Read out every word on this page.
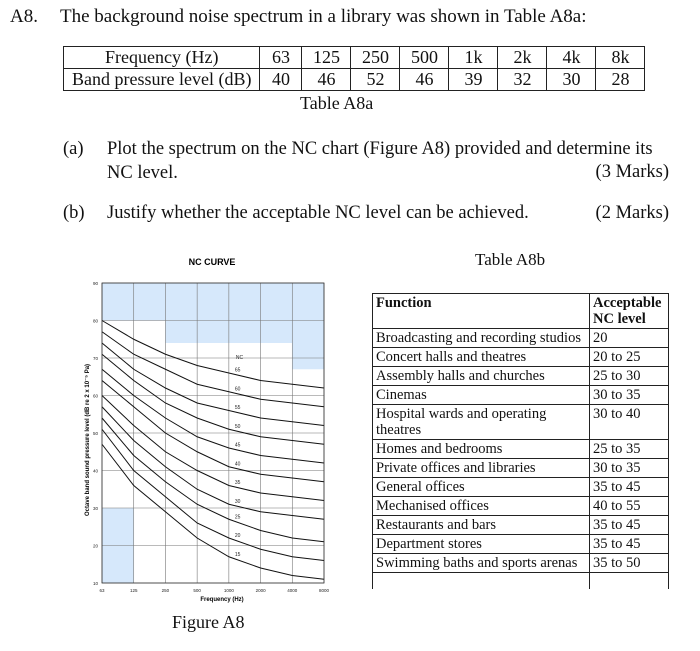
A8. The background noise spectrum in a library was shown in Table A8a:
Frequency (Hz)	63	125	250	500	1k	2k	4k	8k
Band pressure level (dB)	40	46	52	46	39	32	30	28
Table A8a
(a) Plot the spectrum on the NC chart (Figure A8) provided and determine its NC level.	(3 Marks)
(b) Justify whether the acceptable NC level can be achieved.	(2 Marks)
NC CURVE
65
60
55
50
45
40
35
30
25
20
15
NC
63	125	250	500	1000	2000	4000	8000
10
20
30
40
50
60
70
80
90
Frequency (Hz)
Octave band sound pressure level (dB re 2 x 10⁻⁵ Pa)
Figure A8
Table A8b
Function	Acceptable NC level
Broadcasting and recording studios	20
Concert halls and theatres	20 to 25
Assembly halls and churches	25 to 30
Cinemas	30 to 35
Hospital wards and operating theatres	30 to 40
Homes and bedrooms	25 to 35
Private offices and libraries	30 to 35
General offices	35 to 45
Mechanised offices	40 to 55
Restaurants and bars	35 to 45
Department stores	35 to 45
Swimming baths and sports arenas	35 to 50
